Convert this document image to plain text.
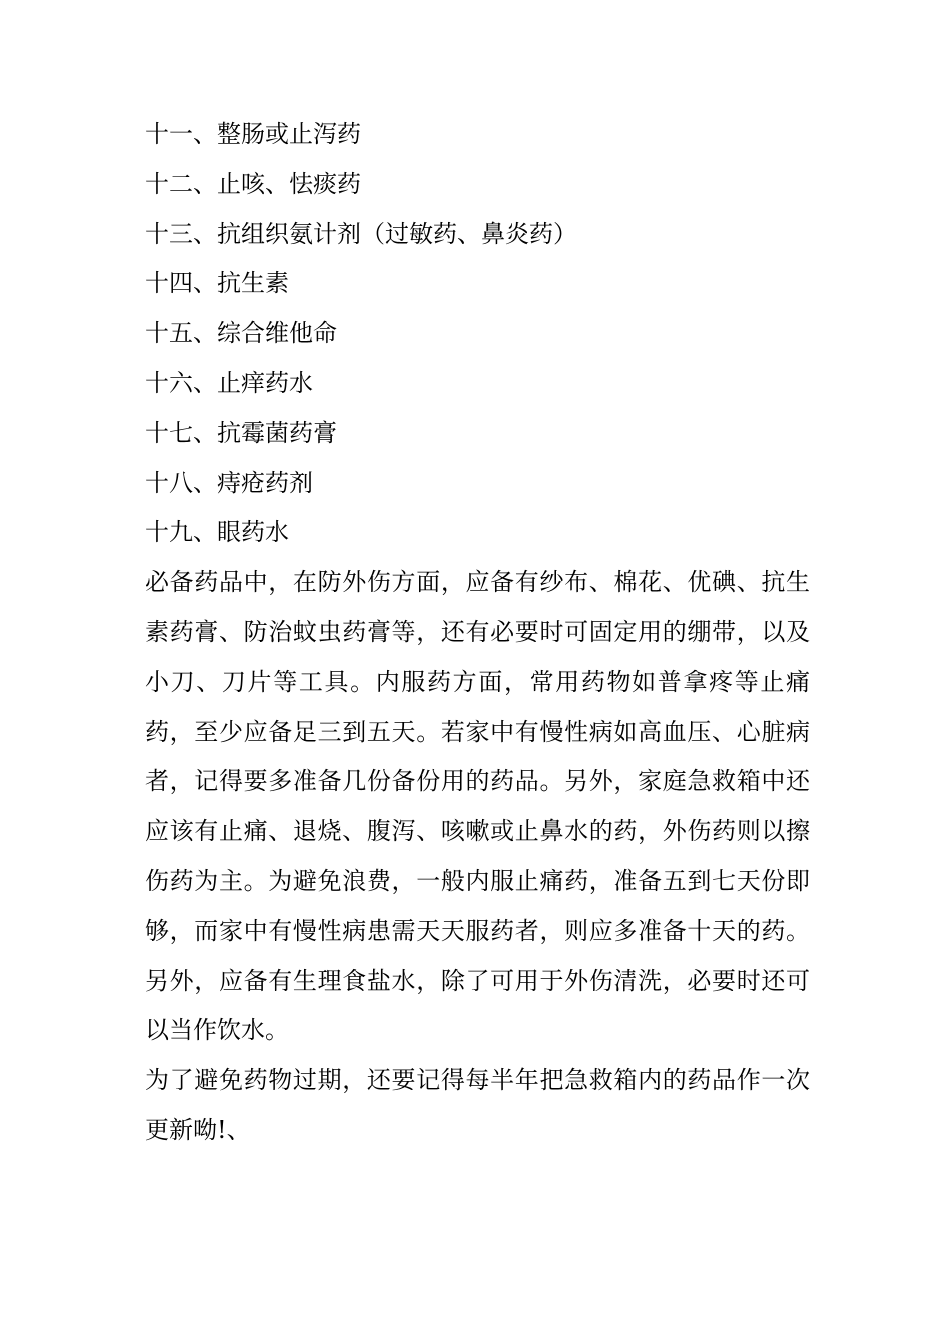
十一、整肠或止泻药
十二、止咳、怯痰药
十三、抗组织氨计剂（过敏药、鼻炎药）
十四、抗生素
十五、综合维他命
十六、止痒药水
十七、抗霉菌药膏
十八、痔疮药剂
十九、眼药水

必备药品中，在防外伤方面，应备有纱布、棉花、优碘、抗生素药膏、防治蚊虫药膏等，还有必要时可固定用的绷带，以及小刀、刀片等工具。内服药方面，常用药物如普拿疼等止痛药，至少应备足三到五天。若家中有慢性病如高血压、心脏病者，记得要多准备几份备份用的药品。另外，家庭急救箱中还应该有止痛、退烧、腹泻、咳嗽或止鼻水的药，外伤药则以擦伤药为主。为避免浪费，一般内服止痛药，准备五到七天份即够，而家中有慢性病患需天天服药者，则应多准备十天的药。另外，应备有生理食盐水，除了可用于外伤清洗，必要时还可以当作饮水。

为了避免药物过期，还要记得每半年把急救箱内的药品作一次更新呦!、
